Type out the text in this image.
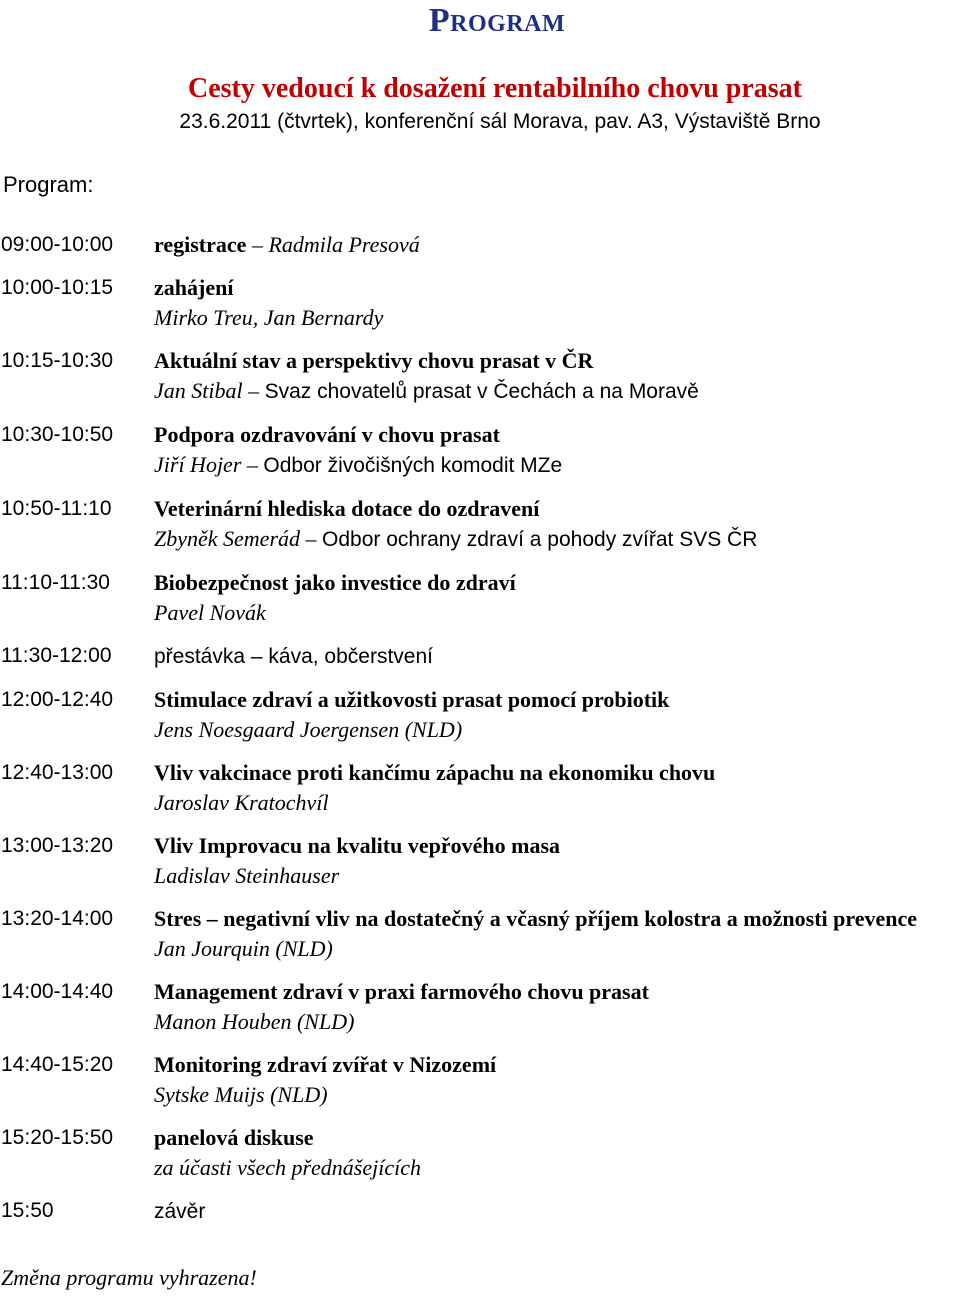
Program
Cesty vedoucí k dosažení rentabilního chovu prasat
23.6.2011 (čtvrtek), konferenční sál Morava, pav. A3, Výstaviště Brno
Program:
09:00-10:00 registrace – Radmila Presová
10:00-10:15 zahájení
Mirko Treu, Jan Bernardy
10:15-10:30 Aktuální stav a perspektivy chovu prasat v ČR
Jan Stibal – Svaz chovatelů prasat v Čechách a na Moravě
10:30-10:50 Podpora ozdravování v chovu prasat
Jiří Hojer – Odbor živočišných komodit MZe
10:50-11:10 Veterinární hlediska dotace do ozdravení
Zbyněk Semerád – Odbor ochrany zdraví a pohody zvířat SVS ČR
11:10-11:30 Biobezpečnost jako investice do zdraví
Pavel Novák
11:30-12:00 přestávka – káva, občerstvení
12:00-12:40 Stimulace zdraví a užitkovosti prasat pomocí probiotik
Jens Noesgaard Joergensen (NLD)
12:40-13:00 Vliv vakcinace proti kančímu zápachu na ekonomiku chovu
Jaroslav Kratochvíl
13:00-13:20 Vliv Improvacu na kvalitu vepřového masa
Ladislav Steinhauser
13:20-14:00 Stres – negativní vliv na dostatečný a včasný příjem kolostra a možnosti prevence
Jan Jourquin (NLD)
14:00-14:40 Management zdraví v praxi farmového chovu prasat
Manon Houben (NLD)
14:40-15:20 Monitoring zdraví zvířat v Nizozemí
Sytske Muijs (NLD)
15:20-15:50 panelová diskuse
za účasti všech přednášejících
15:50	závěr
Změna programu vyhrazena!
